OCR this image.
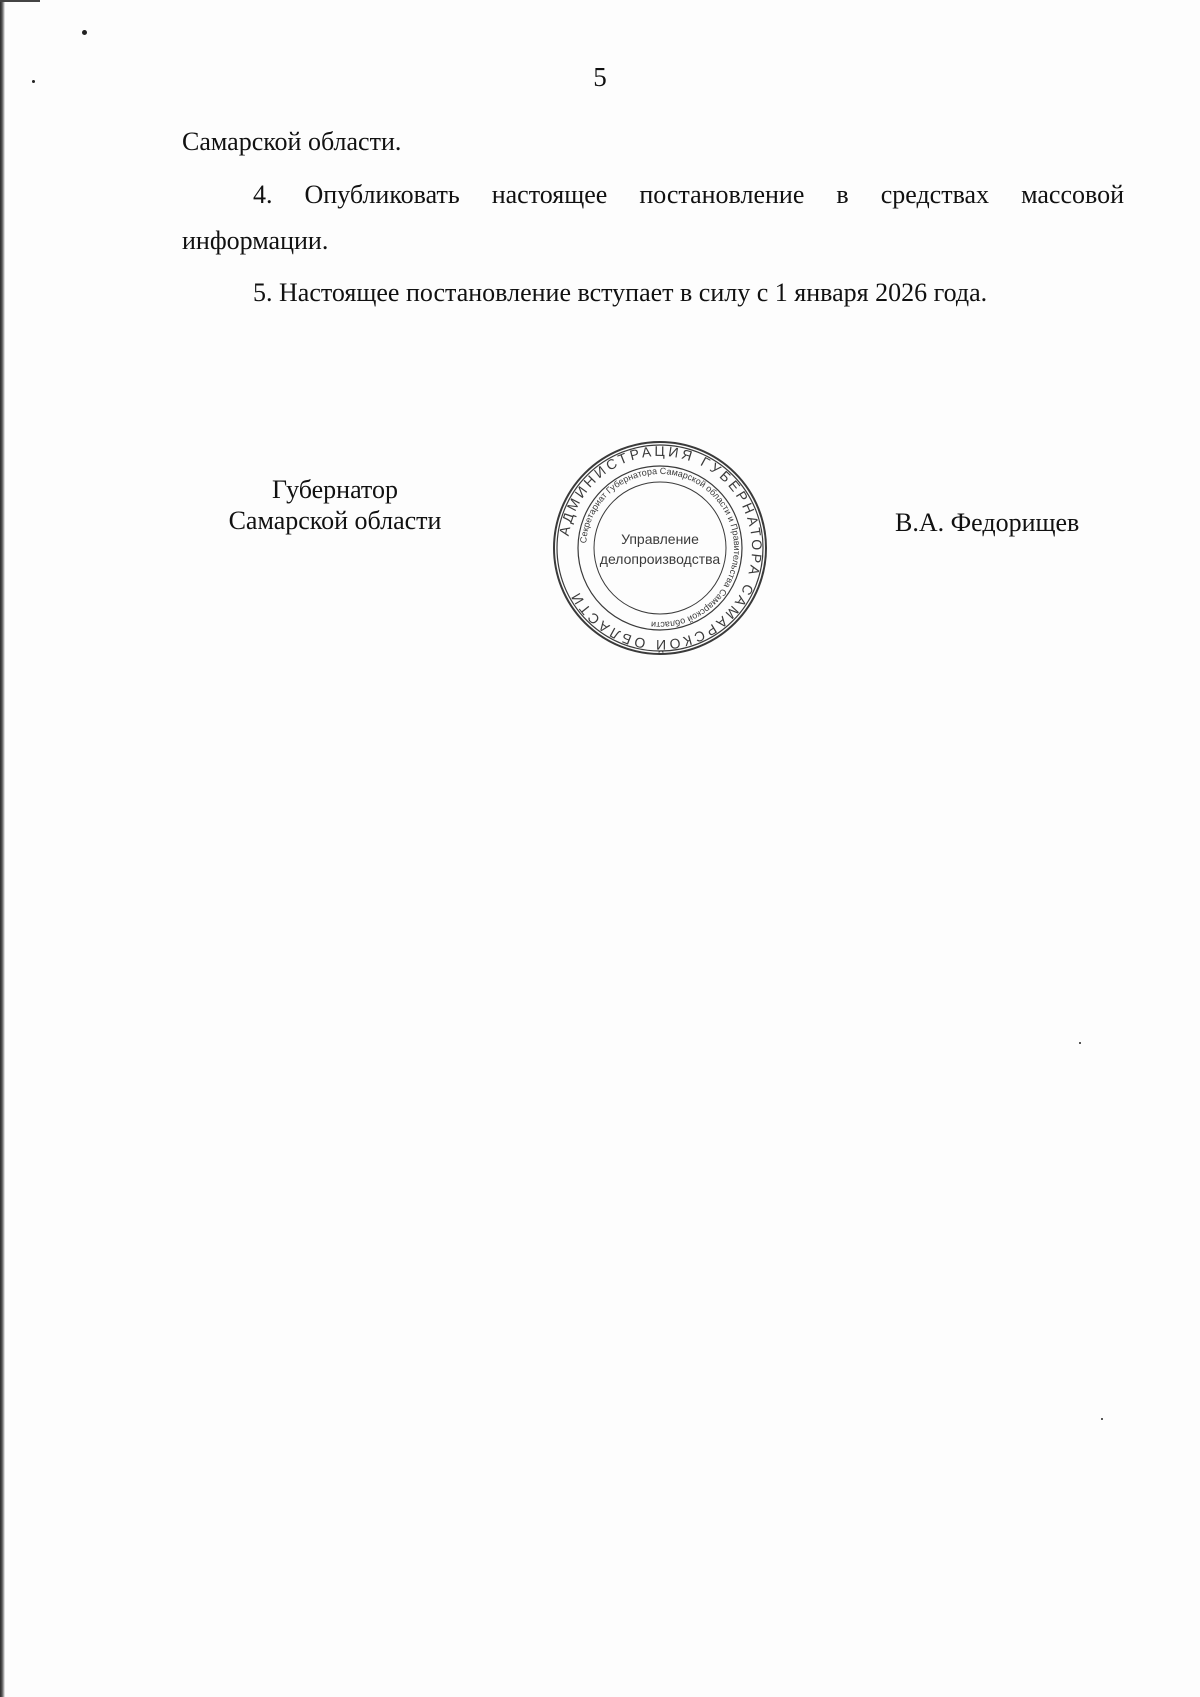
5
Самарской области.
4. Опубликовать настоящее постановление в средствах массовой
информации.
5. Настоящее постановление вступает в силу с 1 января 2026 года.
Губернатор
Самарской области	АДМИНИСТРАЦИЯ ГУБЕРНАТОРА САМАРСКОЙ ОБЛАСТИ
Секретариат Губернатора Самарской области и Правительства Самарской области
Управление
делопроизводства
В.А. Федорищев
